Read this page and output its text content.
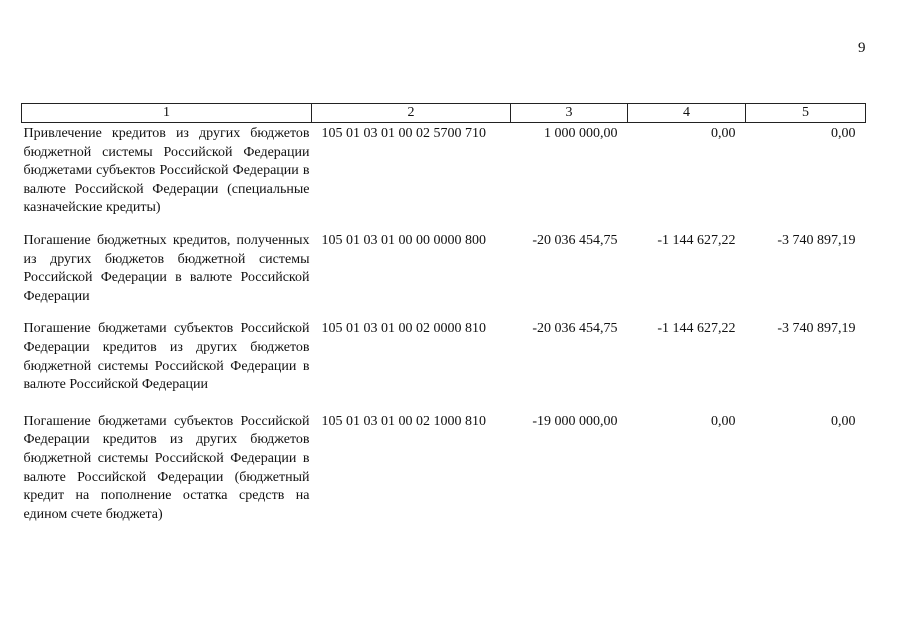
9
1	2	3	4	5
Привлечение кредитов из других бюджетов бюджетной системы Российской Федерации бюджетами субъектов Российской Федерации в валюте Российской Федерации (специальные казначейские кредиты)	105 01 03 01 00 02 5700 710	1 000 000,00	0,00	0,00
Погашение бюджетных кредитов, полученных из других бюджетов бюджетной системы Российской Федерации в валюте Российской Федерации	105 01 03 01 00 00 0000 800	-20 036 454,75	-1 144 627,22	-3 740 897,19
Погашение бюджетами субъектов Российской Федерации кредитов из других бюджетов бюджетной системы Российской Федерации в валюте Российской Федерации	105 01 03 01 00 02 0000 810	-20 036 454,75	-1 144 627,22	-3 740 897,19
Погашение бюджетами субъектов Российской Федерации кредитов из других бюджетов бюджетной системы Российской Федерации в валюте Российской Федерации (бюджетный кредит на пополнение остатка средств на едином счете бюджета)	105 01 03 01 00 02 1000 810	-19 000 000,00	0,00	0,00
